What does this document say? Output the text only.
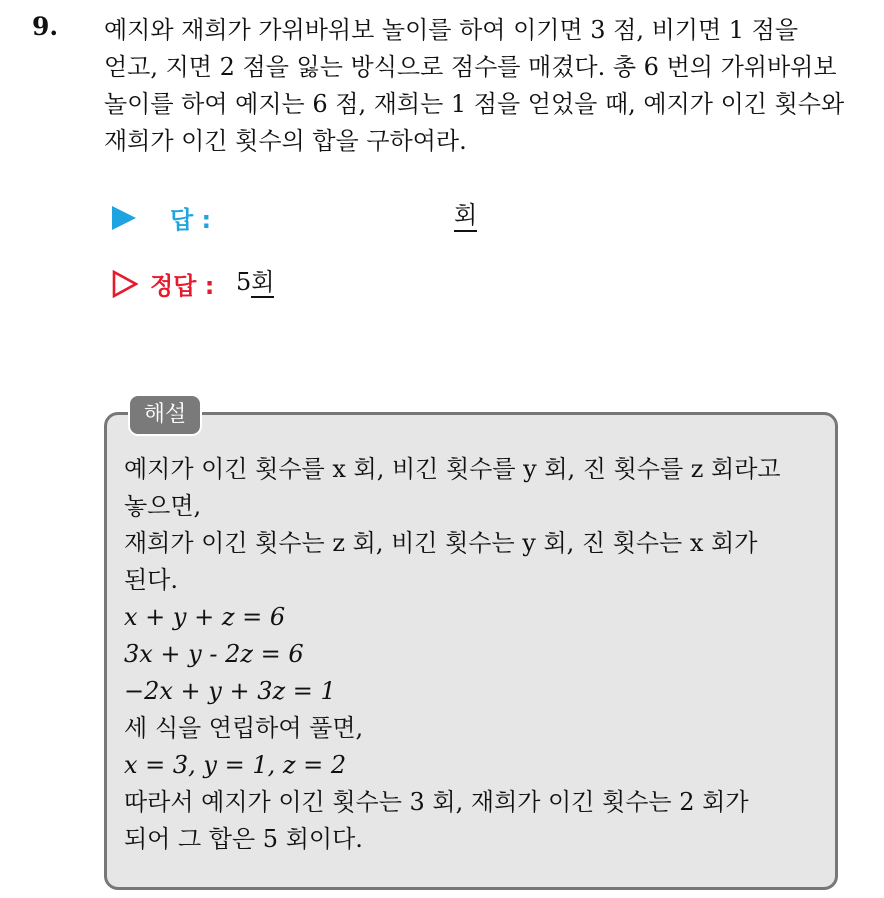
9. 예지와 재희가 가위바위보 놀이를 하여 이기면 3 점, 비기면 1 점을
얻고, 지면 2 점을 잃는 방식으로 점수를 매겼다. 총 6 번의 가위바위보
놀이를 하여 예지는 6 점, 재희는 1 점을 얻었을 때, 예지가 이긴 횟수와
재희가 이긴 횟수의 합을 구하여라.
답 :	회
정답 : 5회
해설
예지가 이긴 횟수를 x 회, 비긴 횟수를 y 회, 진 횟수를 z 회라고
놓으면,
재희가 이긴 횟수는 z 회, 비긴 횟수는 y 회, 진 횟수는 x 회가
된다.
x + y + z = 6
3x + y - 2z = 6
−2x + y + 3z = 1
세 식을 연립하여 풀면,
x = 3, y = 1, z = 2
따라서 예지가 이긴 횟수는 3 회, 재희가 이긴 횟수는 2 회가
되어 그 합은 5 회이다.
